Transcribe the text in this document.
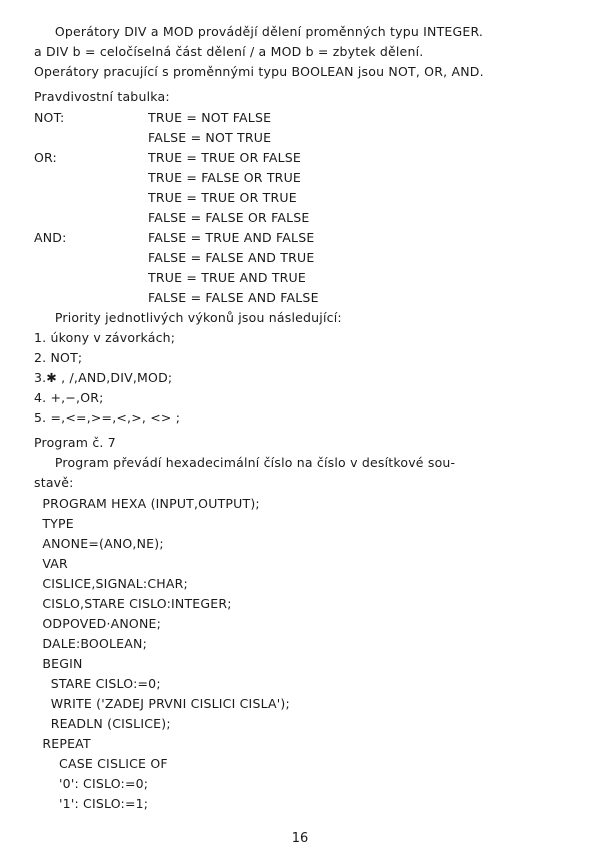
Operátory DIV a MOD provádějí dělení proměnných typu INTEGER.
a DIV b = celočíselná část dělení / a MOD b = zbytek dělení.
Operátory pracující s proměnnými typu BOOLEAN jsou NOT, OR, AND.
Pravdivostní tabulka:
NOT:	TRUE = NOT FALSE
FALSE = NOT TRUE
OR:	TRUE = TRUE OR FALSE
TRUE = FALSE OR TRUE
TRUE = TRUE OR TRUE
FALSE = FALSE OR FALSE
AND:	FALSE = TRUE AND FALSE
FALSE = FALSE AND TRUE
TRUE = TRUE AND TRUE
FALSE = FALSE AND FALSE
Priority jednotlivých výkonů jsou následující:
1. úkony v závorkách;
2. NOT;
3.✱ , /,AND,DIV,MOD;
4. +,−,OR;
5. =,<=,>=,<,>, <> ;
Program č. 7
Program převádí hexadecimální číslo na číslo v desítkové sou-
stavě:
PROGRAM HEXA (INPUT,OUTPUT);
TYPE
ANONE=(ANO,NE);
VAR
CISLICE,SIGNAL:CHAR;
CISLO,STARE CISLO:INTEGER;
ODPOVED·ANONE;
DALE:BOOLEAN;
BEGIN
STARE CISLO:=0;
WRITE ('ZADEJ PRVNI CISLICI CISLA');
READLN (CISLICE);
REPEAT
CASE CISLICE OF
'0': CISLO:=0;
'1': CISLO:=1;
16
